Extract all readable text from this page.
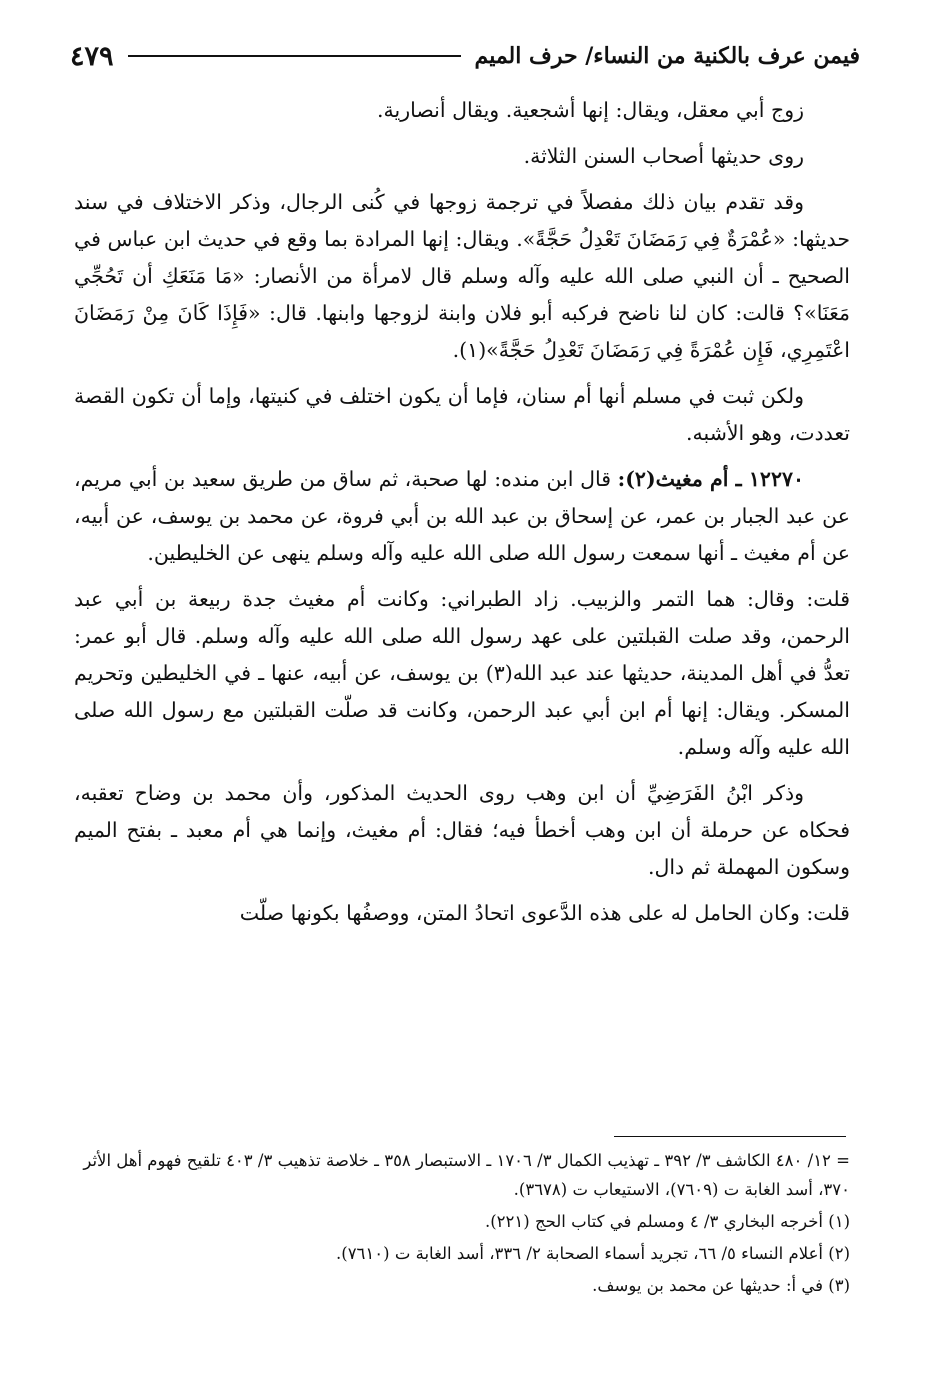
فيمن عرف بالكنية من النساء/ حرف الميم
٤٧٩

زوج أبي معقل، ويقال: إنها أشجعية. ويقال أنصارية.

روى حديثها أصحاب السنن الثلاثة.

وقد تقدم بيان ذلك مفصلاً في ترجمة زوجها في كُنى الرجال، وذكر الاختلاف في سند حديثها: «عُمْرَةٌ فِي رَمَضَانَ تَعْدِلُ حَجَّةً». ويقال: إنها المرادة بما وقع في حديث ابن عباس في الصحيح ـ أن النبي صلى الله عليه وآله وسلم قال لامرأة من الأنصار: «مَا مَنَعَكِ أن تَحُجِّي مَعَنَا»؟ قالت: كان لنا ناضح فركبه أبو فلان وابنة لزوجها وابنها. قال: «فَإِذَا كَانَ مِنْ رَمَضَانَ اعْتَمِرِي، فَإِن عُمْرَةً فِي رَمَضَانَ تَعْدِلُ حَجَّةً»(١).

ولكن ثبت في مسلم أنها أم سنان، فإما أن يكون اختلف في كنيتها، وإما أن تكون القصة تعددت، وهو الأشبه.

١٢٢٧٠ ـ أم مغيث(٢): قال ابن منده: لها صحبة، ثم ساق من طريق سعيد بن أبي مريم، عن عبد الجبار بن عمر، عن إسحاق بن عبد الله بن أبي فروة، عن محمد بن يوسف، عن أبيه، عن أم مغيث ـ أنها سمعت رسول الله صلى الله عليه وآله وسلم ينهى عن الخليطين.

قلت: وقال: هما التمر والزبيب. زاد الطبراني: وكانت أم مغيث جدة ربيعة بن أبي عبد الرحمن، وقد صلت القبلتين على عهد رسول الله صلى الله عليه وآله وسلم. قال أبو عمر: تعدُّ في أهل المدينة، حديثها عند عبد الله(٣) بن يوسف، عن أبيه، عنها ـ في الخليطين وتحريم المسكر. ويقال: إنها أم ابن أبي عبد الرحمن، وكانت قد صلّت القبلتين مع رسول الله صلى الله عليه وآله وسلم.

وذكر ابْنُ الفَرَضِيِّ أن ابن وهب روى الحديث المذكور، وأن محمد بن وضاح تعقبه، فحكاه عن حرملة أن ابن وهب أخطأ فيه؛ فقال: أم مغيث، وإنما هي أم معبد ـ بفتح الميم وسكون المهملة ثم دال.

قلت: وكان الحامل له على هذه الدَّعوى اتحادُ المتن، ووصفُها بكونها صلّت

= ١٢/ ٤٨٠ الكاشف ٣/ ٣٩٢ ـ تهذيب الكمال ٣/ ١٧٠٦ ـ الاستبصار ٣٥٨ ـ خلاصة تذهيب ٣/ ٤٠٣ تلقيح فهوم أهل الأثر ٣٧٠، أسد الغابة ت (٧٦٠٩)، الاستيعاب ت (٣٦٧٨).

(١) أخرجه البخاري ٣/ ٤ ومسلم في كتاب الحج (٢٢١).

(٢) أعلام النساء ٥/ ٦٦، تجريد أسماء الصحابة ٢/ ٣٣٦، أسد الغابة ت (٧٦١٠).

(٣) في أ: حديثها عن محمد بن يوسف.
